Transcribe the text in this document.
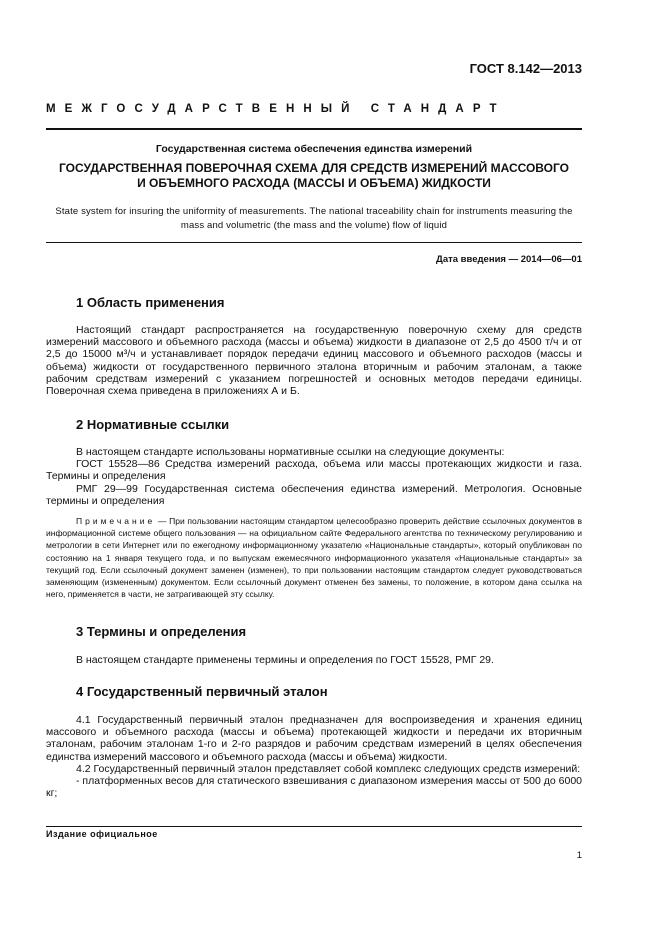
ГОСТ 8.142—2013
МЕЖГОСУДАРСТВЕННЫЙ СТАНДАРТ
Государственная система обеспечения единства измерений
ГОСУДАРСТВЕННАЯ ПОВЕРОЧНАЯ СХЕМА ДЛЯ СРЕДСТВ ИЗМЕРЕНИЙ МАССОВОГО
И ОБЪЕМНОГО РАСХОДА (МАССЫ И ОБЪЕМА) ЖИДКОСТИ
State system for insuring the uniformity of measurements. The national traceability chain for instruments measuring the mass and volumetric (the mass and the volume) flow of liquid
Дата введения — 2014—06—01
1 Область применения

Настоящий стандарт распространяется на государственную поверочную схему для средств измерений массового и объемного расхода (массы и объема) жидкости в диапазоне от 2,5 до 4500 т/ч и от 2,5 до 15000 м³/ч и устанавливает порядок передачи единиц массового и объемного расходов (массы и объема) жидкости от государственного первичного эталона вторичным и рабочим эталонам, а также рабочим средствам измерений с указанием погрешностей и основных методов передачи единицы. Поверочная схема приведена в приложениях А и Б.

2 Нормативные ссылки

В настоящем стандарте использованы нормативные ссылки на следующие документы:

ГОСТ 15528—86 Средства измерений расхода, объема или массы протекающих жидкости и газа. Термины и определения

РМГ 29—99 Государственная система обеспечения единства измерений. Метрология. Основные термины и определения

Примечание — При пользовании настоящим стандартом целесообразно проверить действие ссылочных документов в информационной системе общего пользования — на официальном сайте Федерального агентства по техническому регулированию и метрологии в сети Интернет или по ежегодному информационному указателю «Национальные стандарты», который опубликован по состоянию на 1 января текущего года, и по выпускам ежемесячного информационного указателя «Национальные стандарты» за текущий год. Если ссылочный документ заменен (изменен), то при пользовании настоящим стандартом следует руководствоваться заменяющим (измененным) документом. Если ссылочный документ отменен без замены, то положение, в котором дана ссылка на него, применяется в части, не затрагивающей эту ссылку.

3 Термины и определения

В настоящем стандарте применены термины и определения по ГОСТ 15528, РМГ 29.

4 Государственный первичный эталон

4.1 Государственный первичный эталон предназначен для воспроизведения и хранения единиц массового и объемного расхода (массы и объема) протекающей жидкости и передачи их вторичным эталонам, рабочим эталонам 1-го и 2-го разрядов и рабочим средствам измерений в целях обеспечения единства измерений массового и объемного расхода (массы и объема) жидкости.

4.2 Государственный первичный эталон представляет собой комплекс следующих средств измерений:

- платформенных весов для статического взвешивания с диапазоном измерения массы от 500 до 6000 кг;

Издание официальное
1
